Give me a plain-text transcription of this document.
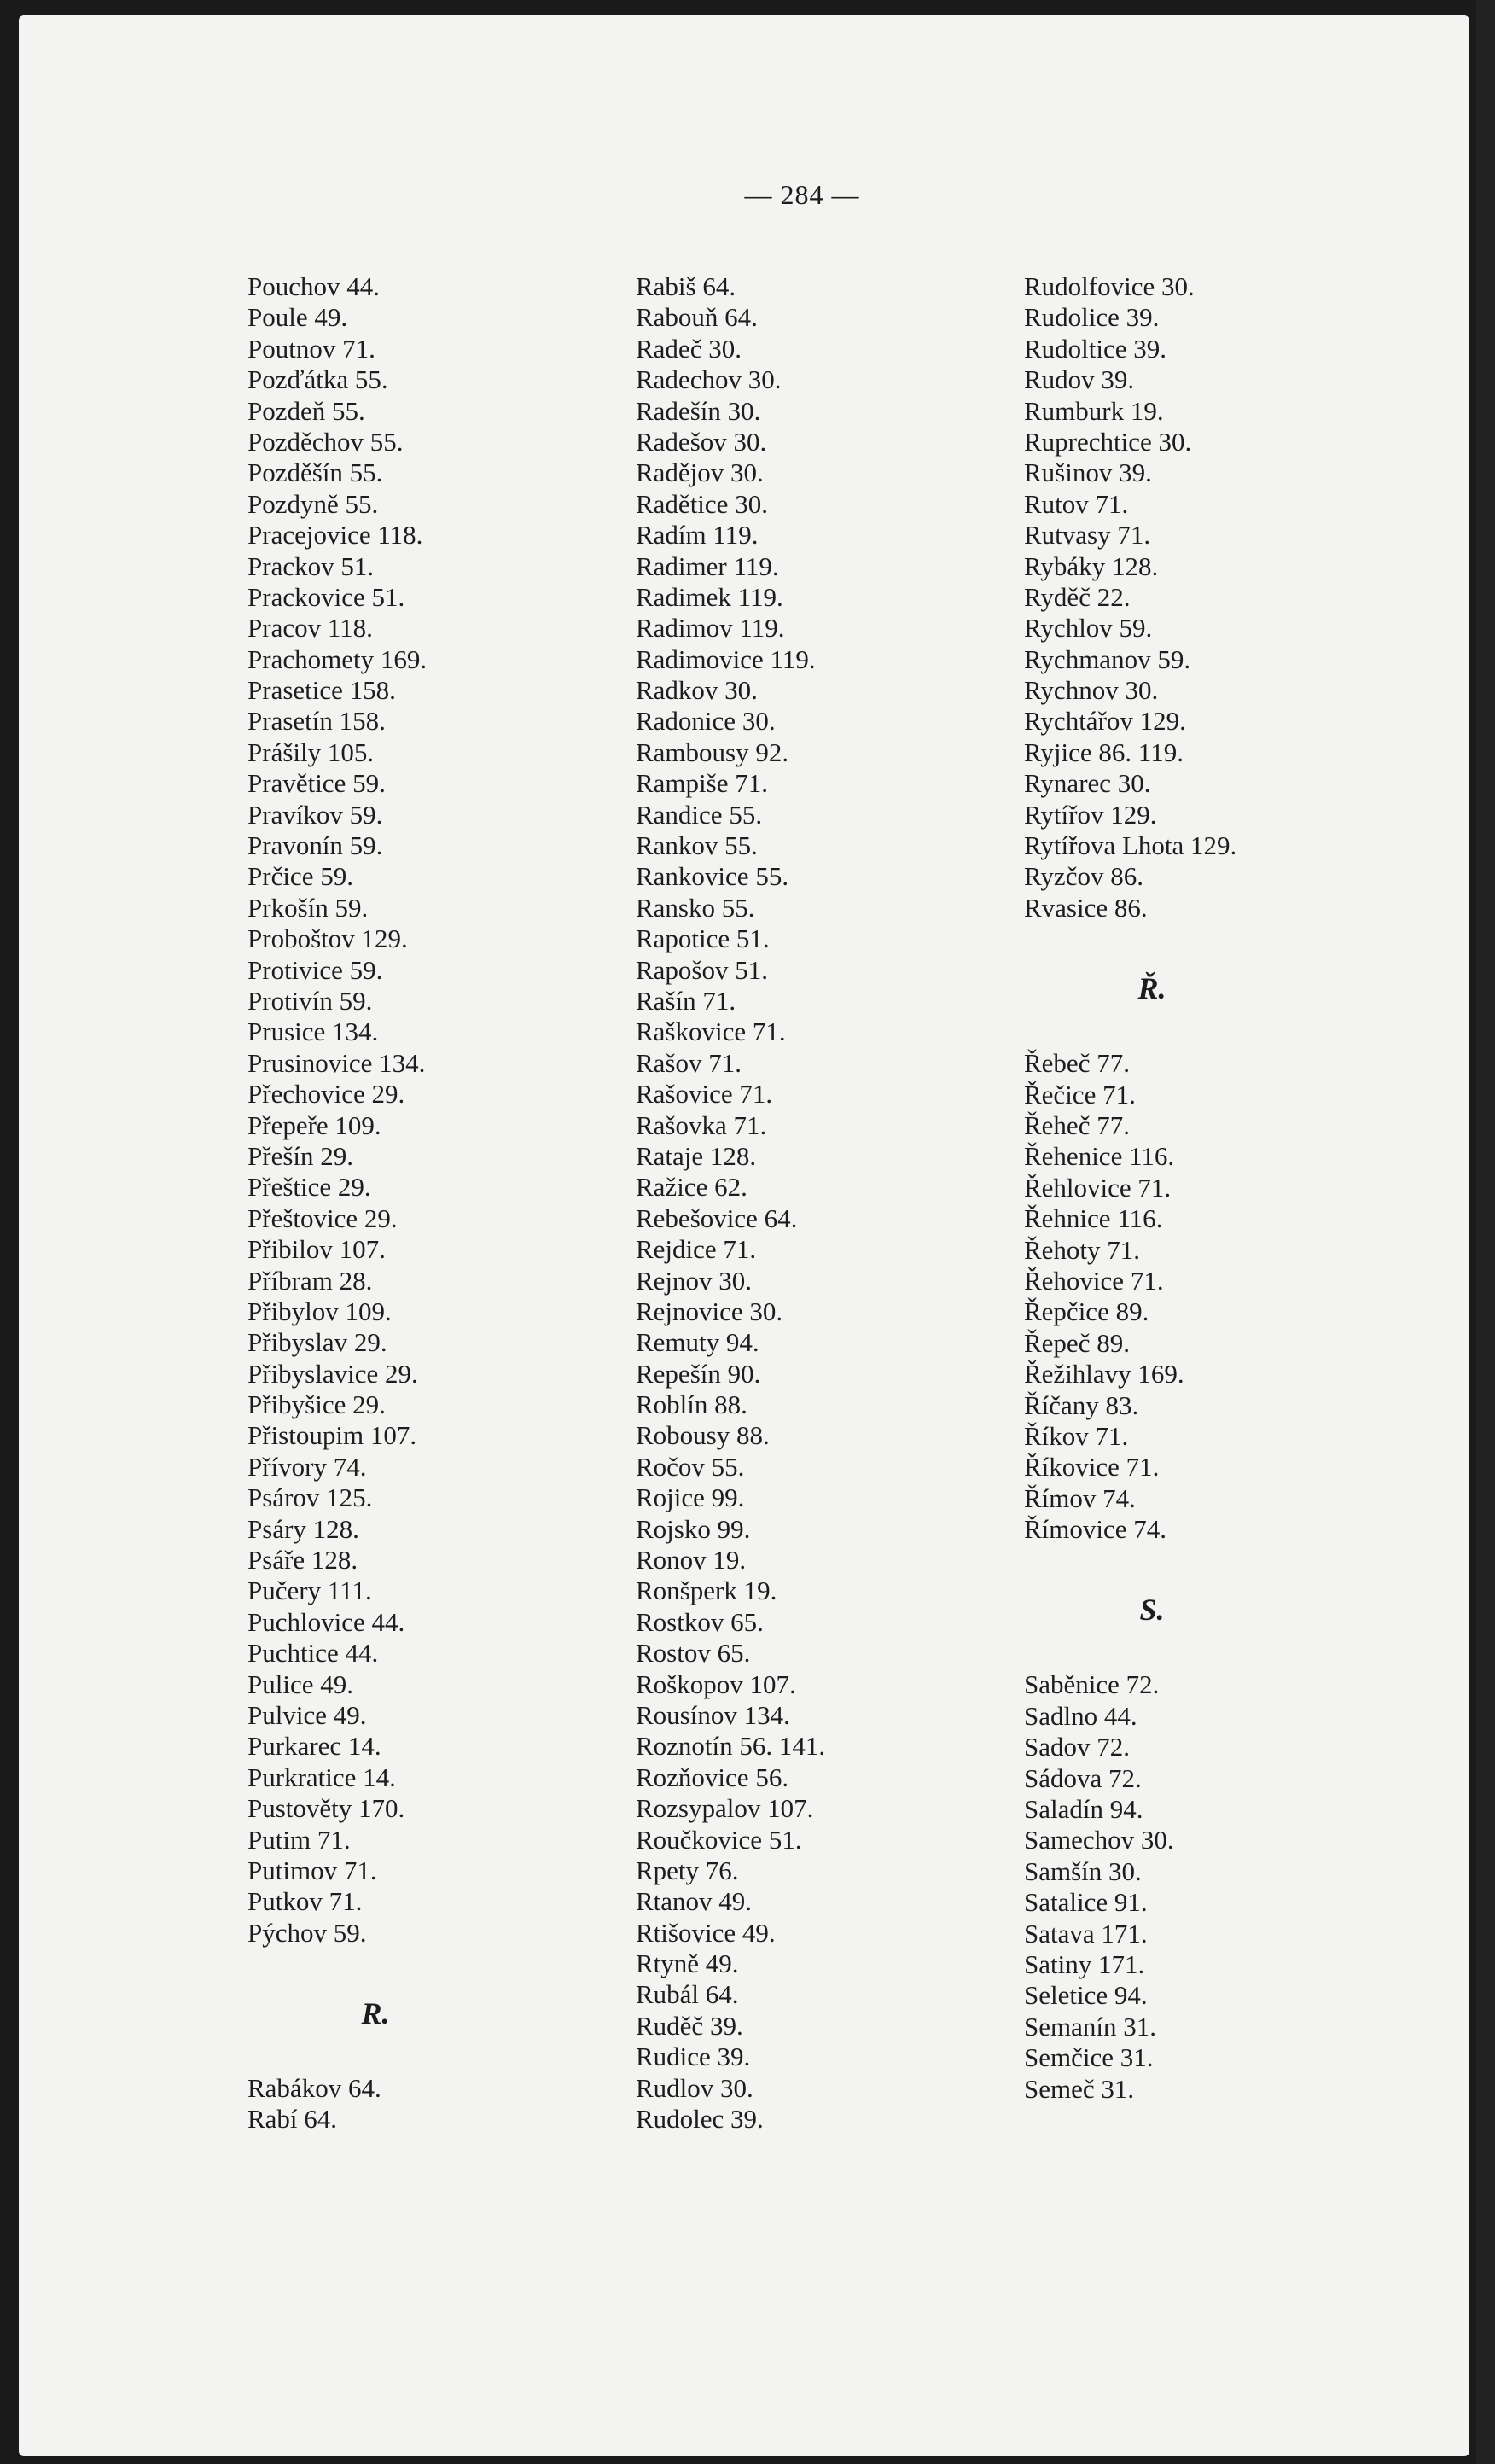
— 284 —
Pouchov 44.
Poule 49.
Poutnov 71.
Pozďátka 55.
Pozdeň 55.
Pozděchov 55.
Pozděšín 55.
Pozdyně 55.
Pracejovice 118.
Prackov 51.
Prackovice 51.
Pracov 118.
Prachomety 169.
Prasetice 158.
Prasetín 158.
Prášily 105.
Pravětice 59.
Pravíkov 59.
Pravonín 59.
Prčice 59.
Prkošín 59.
Proboštov 129.
Protivice 59.
Protivín 59.
Prusice 134.
Prusinovice 134.
Přechovice 29.
Přepeře 109.
Přešín 29.
Přeštice 29.
Přeštovice 29.
Přibilov 107.
Příbram 28.
Přibylov 109.
Přibyslav 29.
Přibyslavice 29.
Přibyšice 29.
Přistoupim 107.
Přívory 74.
Psárov 125.
Psáry 128.
Psáře 128.
Pučery 111.
Puchlovice 44.
Puchtice 44.
Pulice 49.
Pulvice 49.
Purkarec 14.
Purkratice 14.
Pustověty 170.
Putim 71.
Putimov 71.
Putkov 71.
Pýchov 59.
R.
Rabákov 64.
Rabí 64.
Rabiš 64.
Rabouň 64.
Radeč 30.
Radechov 30.
Radešín 30.
Radešov 30.
Radějov 30.
Radětice 30.
Radím 119.
Radimer 119.
Radimek 119.
Radimov 119.
Radimovice 119.
Radkov 30.
Radonice 30.
Rambousy 92.
Rampiše 71.
Randice 55.
Rankov 55.
Rankovice 55.
Ransko 55.
Rapotice 51.
Rapošov 51.
Rašín 71.
Raškovice 71.
Rašov 71.
Rašovice 71.
Rašovka 71.
Rataje 128.
Ražice 62.
Rebešovice 64.
Rejdice 71.
Rejnov 30.
Rejnovice 30.
Remuty 94.
Repešín 90.
Roblín 88.
Robousy 88.
Ročov 55.
Rojice 99.
Rojsko 99.
Ronov 19.
Ronšperk 19.
Rostkov 65.
Rostov 65.
Roškopov 107.
Rousínov 134.
Roznotín 56. 141.
Rozňovice 56.
Rozsypalov 107.
Roučkovice 51.
Rpety 76.
Rtanov 49.
Rtišovice 49.
Rtyně 49.
Rubál 64.
Ruděč 39.
Rudice 39.
Rudlov 30.
Rudolec 39.
Rudolfovice 30.
Rudolice 39.
Rudoltice 39.
Rudov 39.
Rumburk 19.
Ruprechtice 30.
Rušinov 39.
Rutov 71.
Rutvasy 71.
Rybáky 128.
Ryděč 22.
Rychlov 59.
Rychmanov 59.
Rychnov 30.
Rychtářov 129.
Ryjice 86. 119.
Rynarec 30.
Rytířov 129.
Rytířova Lhota 129.
Ryzčov 86.
Rvasice 86.
Ř.
Řebeč 77.
Řečice 71.
Řeheč 77.
Řehenice 116.
Řehlovice 71.
Řehnice 116.
Řehoty 71.
Řehovice 71.
Řepčice 89.
Řepeč 89.
Řežihlavy 169.
Říčany 83.
Říkov 71.
Říkovice 71.
Římov 74.
Římovice 74.
S.
Saběnice 72.
Sadlno 44.
Sadov 72.
Sádova 72.
Saladín 94.
Samechov 30.
Samšín 30.
Satalice 91.
Satava 171.
Satiny 171.
Seletice 94.
Semanín 31.
Semčice 31.
Semeč 31.
